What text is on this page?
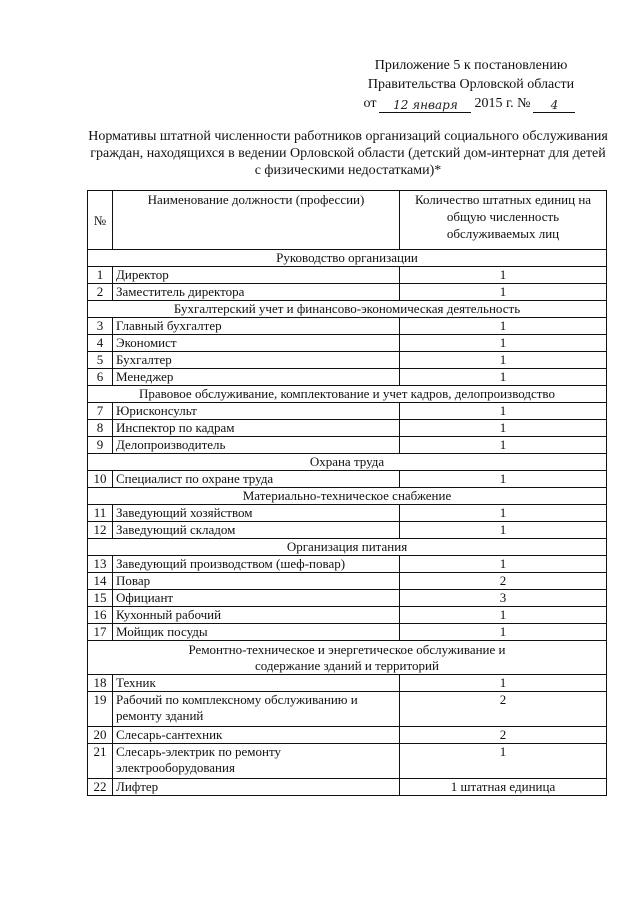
Приложение 5 к постановлению
Правительства Орловской области
от	12 января	2015 г. №	4
Нормативы штатной численности работников организаций социального обслуживания граждан, находящихся в ведении Орловской области (детский дом-интернат для детей с физическими недостатками)*
№	Наименование должности (профессии)	Количество штатных единиц на общую численность обслуживаемых лиц
Руководство организации		
1	Директор	1
2	Заместитель директора	1
Бухгалтерский учет и финансово-экономическая деятельность		
3	Главный бухгалтер	1
4	Экономист	1
5	Бухгалтер	1
6	Менеджер	1
Правовое обслуживание, комплектование и учет кадров, делопроизводство		
7	Юрисконсульт	1
8	Инспектор по кадрам	1
9	Делопроизводитель	1
Охрана труда		
10	Специалист по охране труда	1
Материально-техническое снабжение		
11	Заведующий хозяйством	1
12	Заведующий складом	1
Организация питания		
13	Заведующий производством (шеф-повар)	1
14	Повар	2
15	Официант	3
16	Кухонный рабочий	1
17	Мойщик посуды	1
Ремонтно-техническое и энергетическое обслуживание и содержание зданий и территорий		
18	Техник	1
19	Рабочий по комплексному обслуживанию и ремонту зданий	2
20	Слесарь-сантехник	2
21	Слесарь-электрик по ремонту электрооборудования	1
22	Лифтер	1 штатная единица
